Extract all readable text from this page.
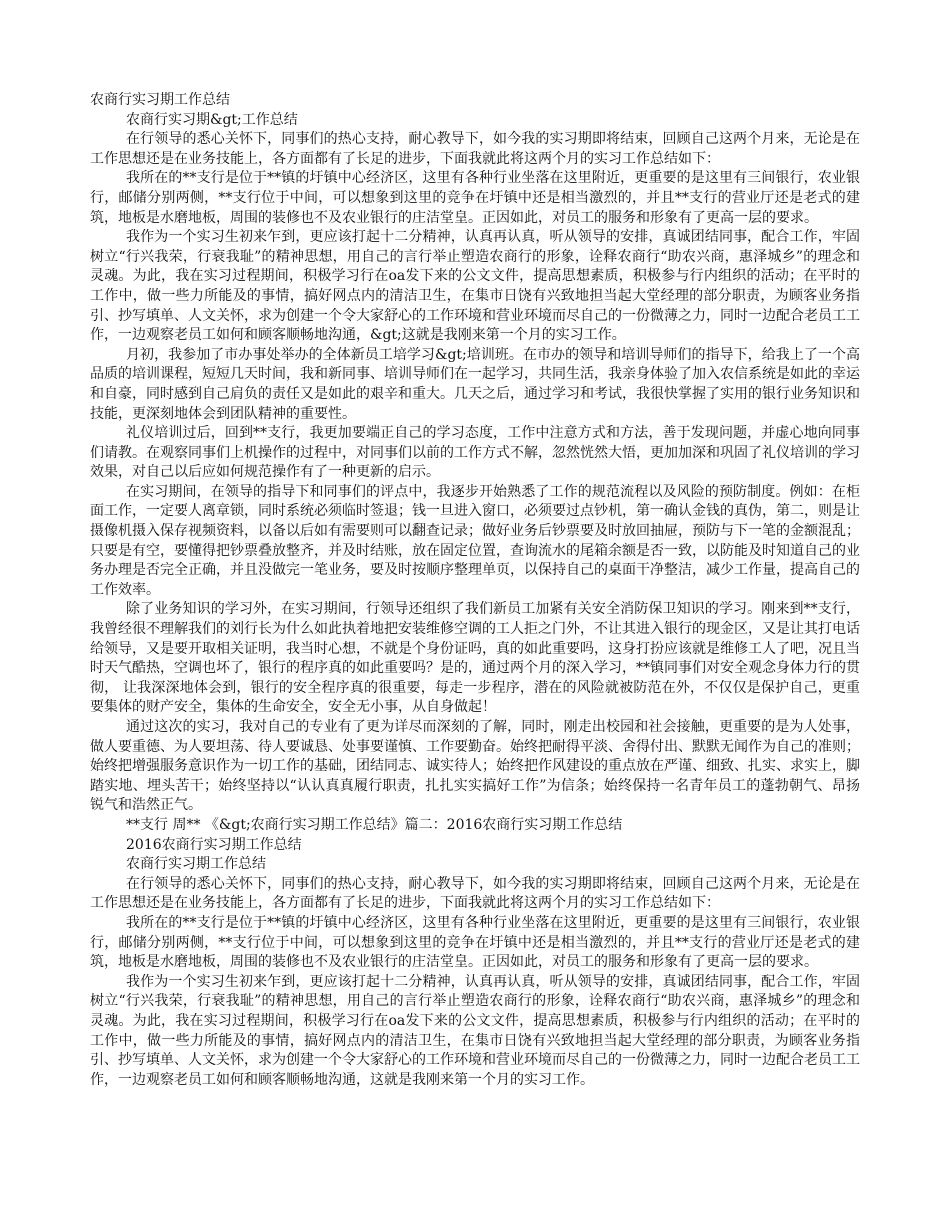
农商行实习期工作总结

农商行实习期&gt;工作总结

在行领导的悉心关怀下，同事们的热心支持，耐心教导下，如今我的实习期即将结束，回顾自己这两个月来，无论是在工作思想还是在业务技能上，各方面都有了长足的进步，下面我就此将这两个月的实习工作总结如下：

我所在的**支行是位于**镇的圩镇中心经济区，这里有各种行业坐落在这里附近，更重要的是这里有三间银行，农业银行，邮储分别两侧，**支行位于中间，可以想象到这里的竞争在圩镇中还是相当激烈的，并且**支行的营业厅还是老式的建筑，地板是水磨地板，周围的装修也不及农业银行的庄洁堂皇。正因如此，对员工的服务和形象有了更高一层的要求。

我作为一个实习生初来乍到，更应该打起十二分精神，认真再认真，听从领导的安排，真诚团结同事，配合工作，牢固树立“行兴我荣，行衰我耻”的精神思想，用自己的言行举止塑造农商行的形象，诠释农商行“助农兴商，惠泽城乡”的理念和灵魂。为此，我在实习过程期间，积极学习行在oa发下来的公文文件，提高思想素质，积极参与行内组织的活动；在平时的工作中，做一些力所能及的事情，搞好网点内的清洁卫生，在集市日饶有兴致地担当起大堂经理的部分职责，为顾客业务指引、抄写填单、人文关怀，求为创建一个令大家舒心的工作环境和营业环境而尽自己的一份微薄之力，同时一边配合老员工工作，一边观察老员工如何和顾客顺畅地沟通，&gt;这就是我刚来第一个月的实习工作。

月初，我参加了市办事处举办的全体新员工培学习&gt;培训班。在市办的领导和培训导师们的指导下，给我上了一个高品质的培训课程，短短几天时间，我和新同事、培训导师们在一起学习，共同生活，我亲身体验了加入农信系统是如此的幸运和自豪，同时感到自己肩负的责任又是如此的艰辛和重大。几天之后，通过学习和考试，我很快掌握了实用的银行业务知识和技能，更深刻地体会到团队精神的重要性。

礼仪培训过后，回到**支行，我更加要端正自己的学习态度，工作中注意方式和方法，善于发现问题，并虚心地向同事们请教。在观察同事们上机操作的过程中，对同事们以前的工作方式不解，忽然恍然大悟，更加加深和巩固了礼仪培训的学习效果，对自己以后应如何规范操作有了一种更新的启示。

在实习期间，在领导的指导下和同事们的评点中，我逐步开始熟悉了工作的规范流程以及风险的预防制度。例如：在柜面工作，一定要人离章锁，同时系统必须临时签退；钱一旦进入窗口，必须要过点钞机，第一确认金钱的真伪，第二，则是让摄像机摄入保存视频资料，以备以后如有需要则可以翻查记录；做好业务后钞票要及时放回抽屉，预防与下一笔的金额混乱；只要是有空，要懂得把钞票叠放整齐，并及时结账，放在固定位置，查询流水的尾箱余额是否一致，以防能及时知道自己的业务办理是否完全正确，并且没做完一笔业务，要及时按顺序整理单页，以保持自己的桌面干净整洁，减少工作量，提高自己的工作效率。

除了业务知识的学习外，在实习期间，行领导还组织了我们新员工加紧有关安全消防保卫知识的学习。刚来到**支行，我曾经很不理解我们的刘行长为什么如此执着地把安装维修空调的工人拒之门外，不让其进入银行的现金区，又是让其打电话给领导，又是要开取相关证明，我当时心想，不就是个身份证吗，真的如此重要吗，这身打扮应该就是维修工人了吧，况且当时天气酷热，空调也坏了，银行的程序真的如此重要吗？是的，通过两个月的深入学习，**镇同事们对安全观念身体力行的贯彻， 让我深深地体会到，银行的安全程序真的很重要，每走一步程序，潜在的风险就被防范在外，不仅仅是保护自己，更重要集体的财产安全，集体的生命安全，安全无小事，从自身做起！

通过这次的实习，我对自己的专业有了更为详尽而深刻的了解，同时，刚走出校园和社会接触，更重要的是为人处事，做人要重德、为人要坦荡、待人要诚恳、处事要谨慎、工作要勤奋。始终把耐得平淡、舍得付出、默默无闻作为自己的准则；始终把增强服务意识作为一切工作的基础，团结同志、诚实待人；始终把作风建设的重点放在严谨、细致、扎实、求实上，脚踏实地、埋头苦干；始终坚持以“认认真真履行职责，扎扎实实搞好工作”为信条；始终保持一名青年员工的蓬勃朝气、昂扬锐气和浩然正气。

**支行 周** 《&gt;农商行实习期工作总结》篇二：2016农商行实习期工作总结

2016农商行实习期工作总结

农商行实习期工作总结

在行领导的悉心关怀下，同事们的热心支持，耐心教导下，如今我的实习期即将结束，回顾自己这两个月来，无论是在工作思想还是在业务技能上，各方面都有了长足的进步，下面我就此将这两个月的实习工作总结如下：

我所在的**支行是位于**镇的圩镇中心经济区，这里有各种行业坐落在这里附近，更重要的是这里有三间银行，农业银行，邮储分别两侧，**支行位于中间，可以想象到这里的竞争在圩镇中还是相当激烈的，并且**支行的营业厅还是老式的建筑，地板是水磨地板，周围的装修也不及农业银行的庄洁堂皇。正因如此，对员工的服务和形象有了更高一层的要求。

我作为一个实习生初来乍到，更应该打起十二分精神，认真再认真，听从领导的安排，真诚团结同事，配合工作，牢固树立“行兴我荣，行衰我耻”的精神思想，用自己的言行举止塑造农商行的形象，诠释农商行“助农兴商，惠泽城乡”的理念和灵魂。为此，我在实习过程期间，积极学习行在oa发下来的公文文件，提高思想素质，积极参与行内组织的活动；在平时的工作中，做一些力所能及的事情，搞好网点内的清洁卫生，在集市日饶有兴致地担当起大堂经理的部分职责，为顾客业务指引、抄写填单、人文关怀，求为创建一个令大家舒心的工作环境和营业环境而尽自己的一份微薄之力，同时一边配合老员工工作，一边观察老员工如何和顾客顺畅地沟通，这就是我刚来第一个月的实习工作。
